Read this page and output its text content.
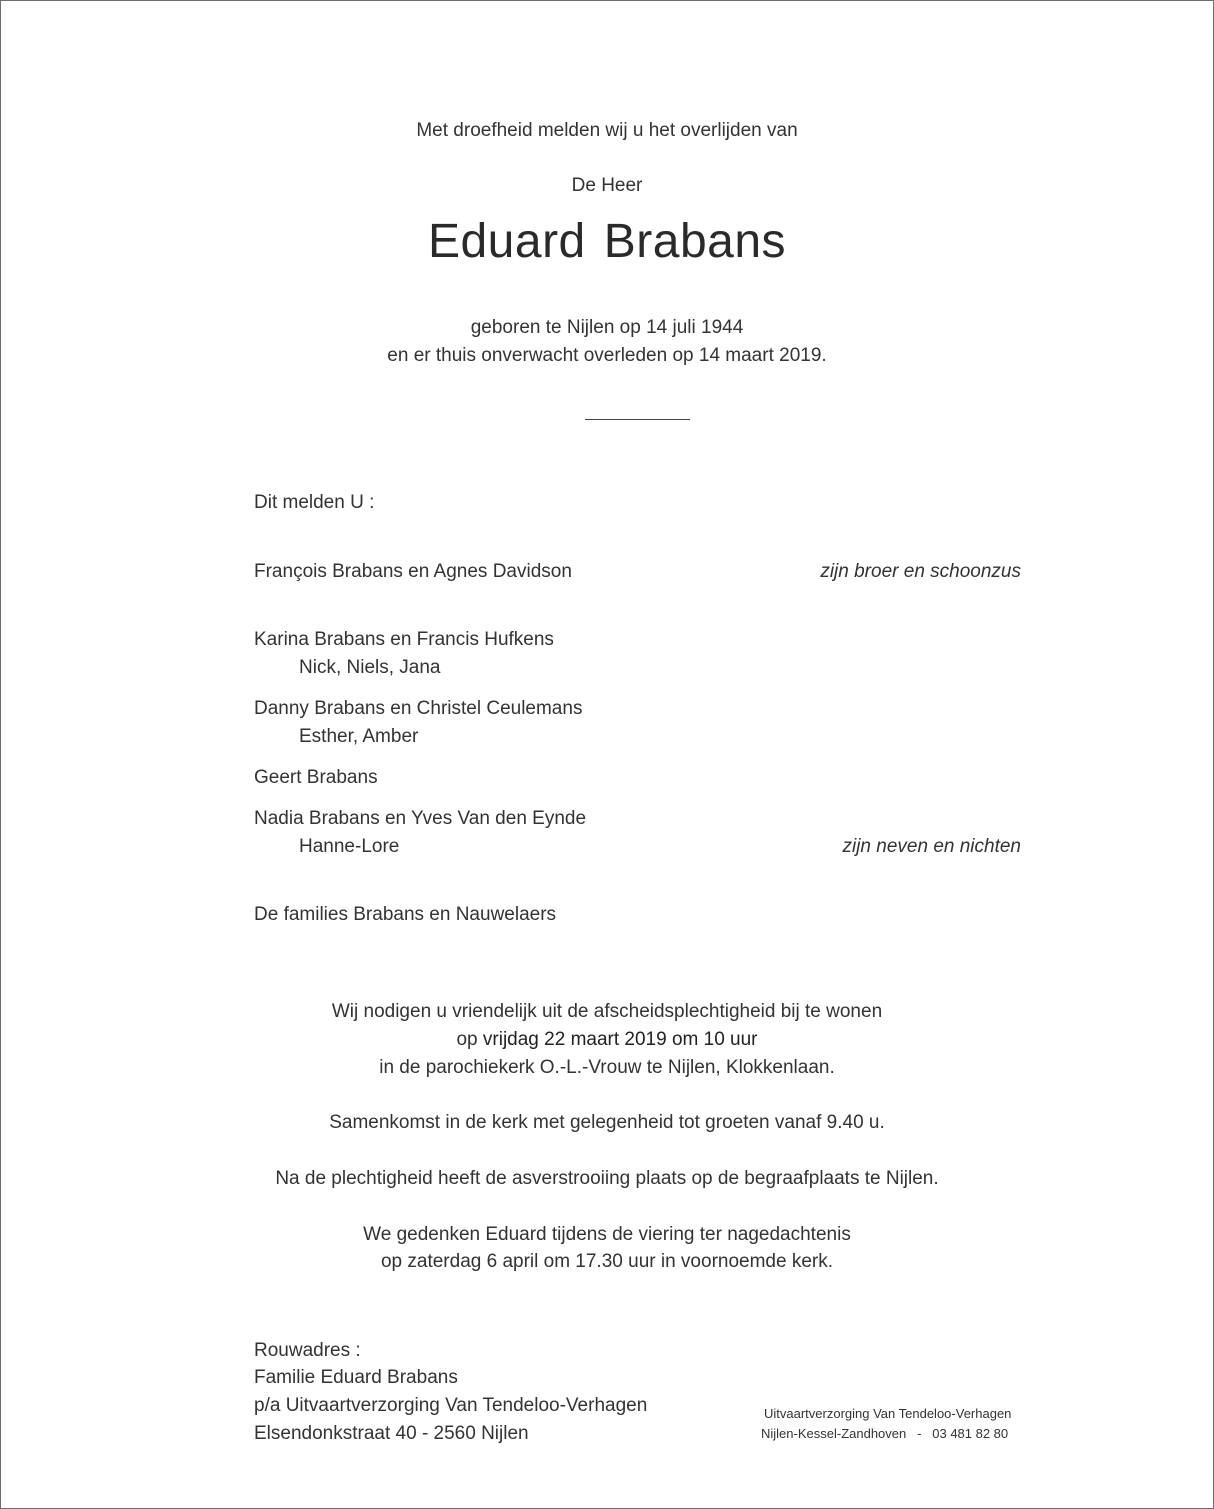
Met droefheid melden wij u het overlijden van
De Heer
Eduard Brabans
geboren te Nijlen op 14 juli 1944
en er thuis onverwacht overleden op 14 maart 2019.
Dit melden U :
François Brabans en Agnes Davidson	zijn broer en schoonzus
Karina Brabans en Francis Hufkens
Nick, Niels, Jana
Danny Brabans en Christel Ceulemans
Esther, Amber
Geert Brabans
Nadia Brabans en Yves Van den Eynde
Hanne-Lore	zijn neven en nichten
De families Brabans en Nauwelaers
Wij nodigen u vriendelijk uit de afscheidsplechtigheid bij te wonen
op vrijdag 22 maart 2019 om 10 uur
in de parochiekerk O.-L.-Vrouw te Nijlen, Klokkenlaan.
Samenkomst in de kerk met gelegenheid tot groeten vanaf 9.40 u.
Na de plechtigheid heeft de asverstrooiing plaats op de begraafplaats te Nijlen.
We gedenken Eduard tijdens de viering ter nagedachtenis
op zaterdag 6 april om 17.30 uur in voornoemde kerk.
Rouwadres :
Familie Eduard Brabans
p/a Uitvaartverzorging Van Tendeloo-Verhagen
Elsendonkstraat 40 - 2560 Nijlen
Uitvaartverzorging Van Tendeloo-Verhagen
Nijlen-Kessel-Zandhoven   -   03 481 82 80
